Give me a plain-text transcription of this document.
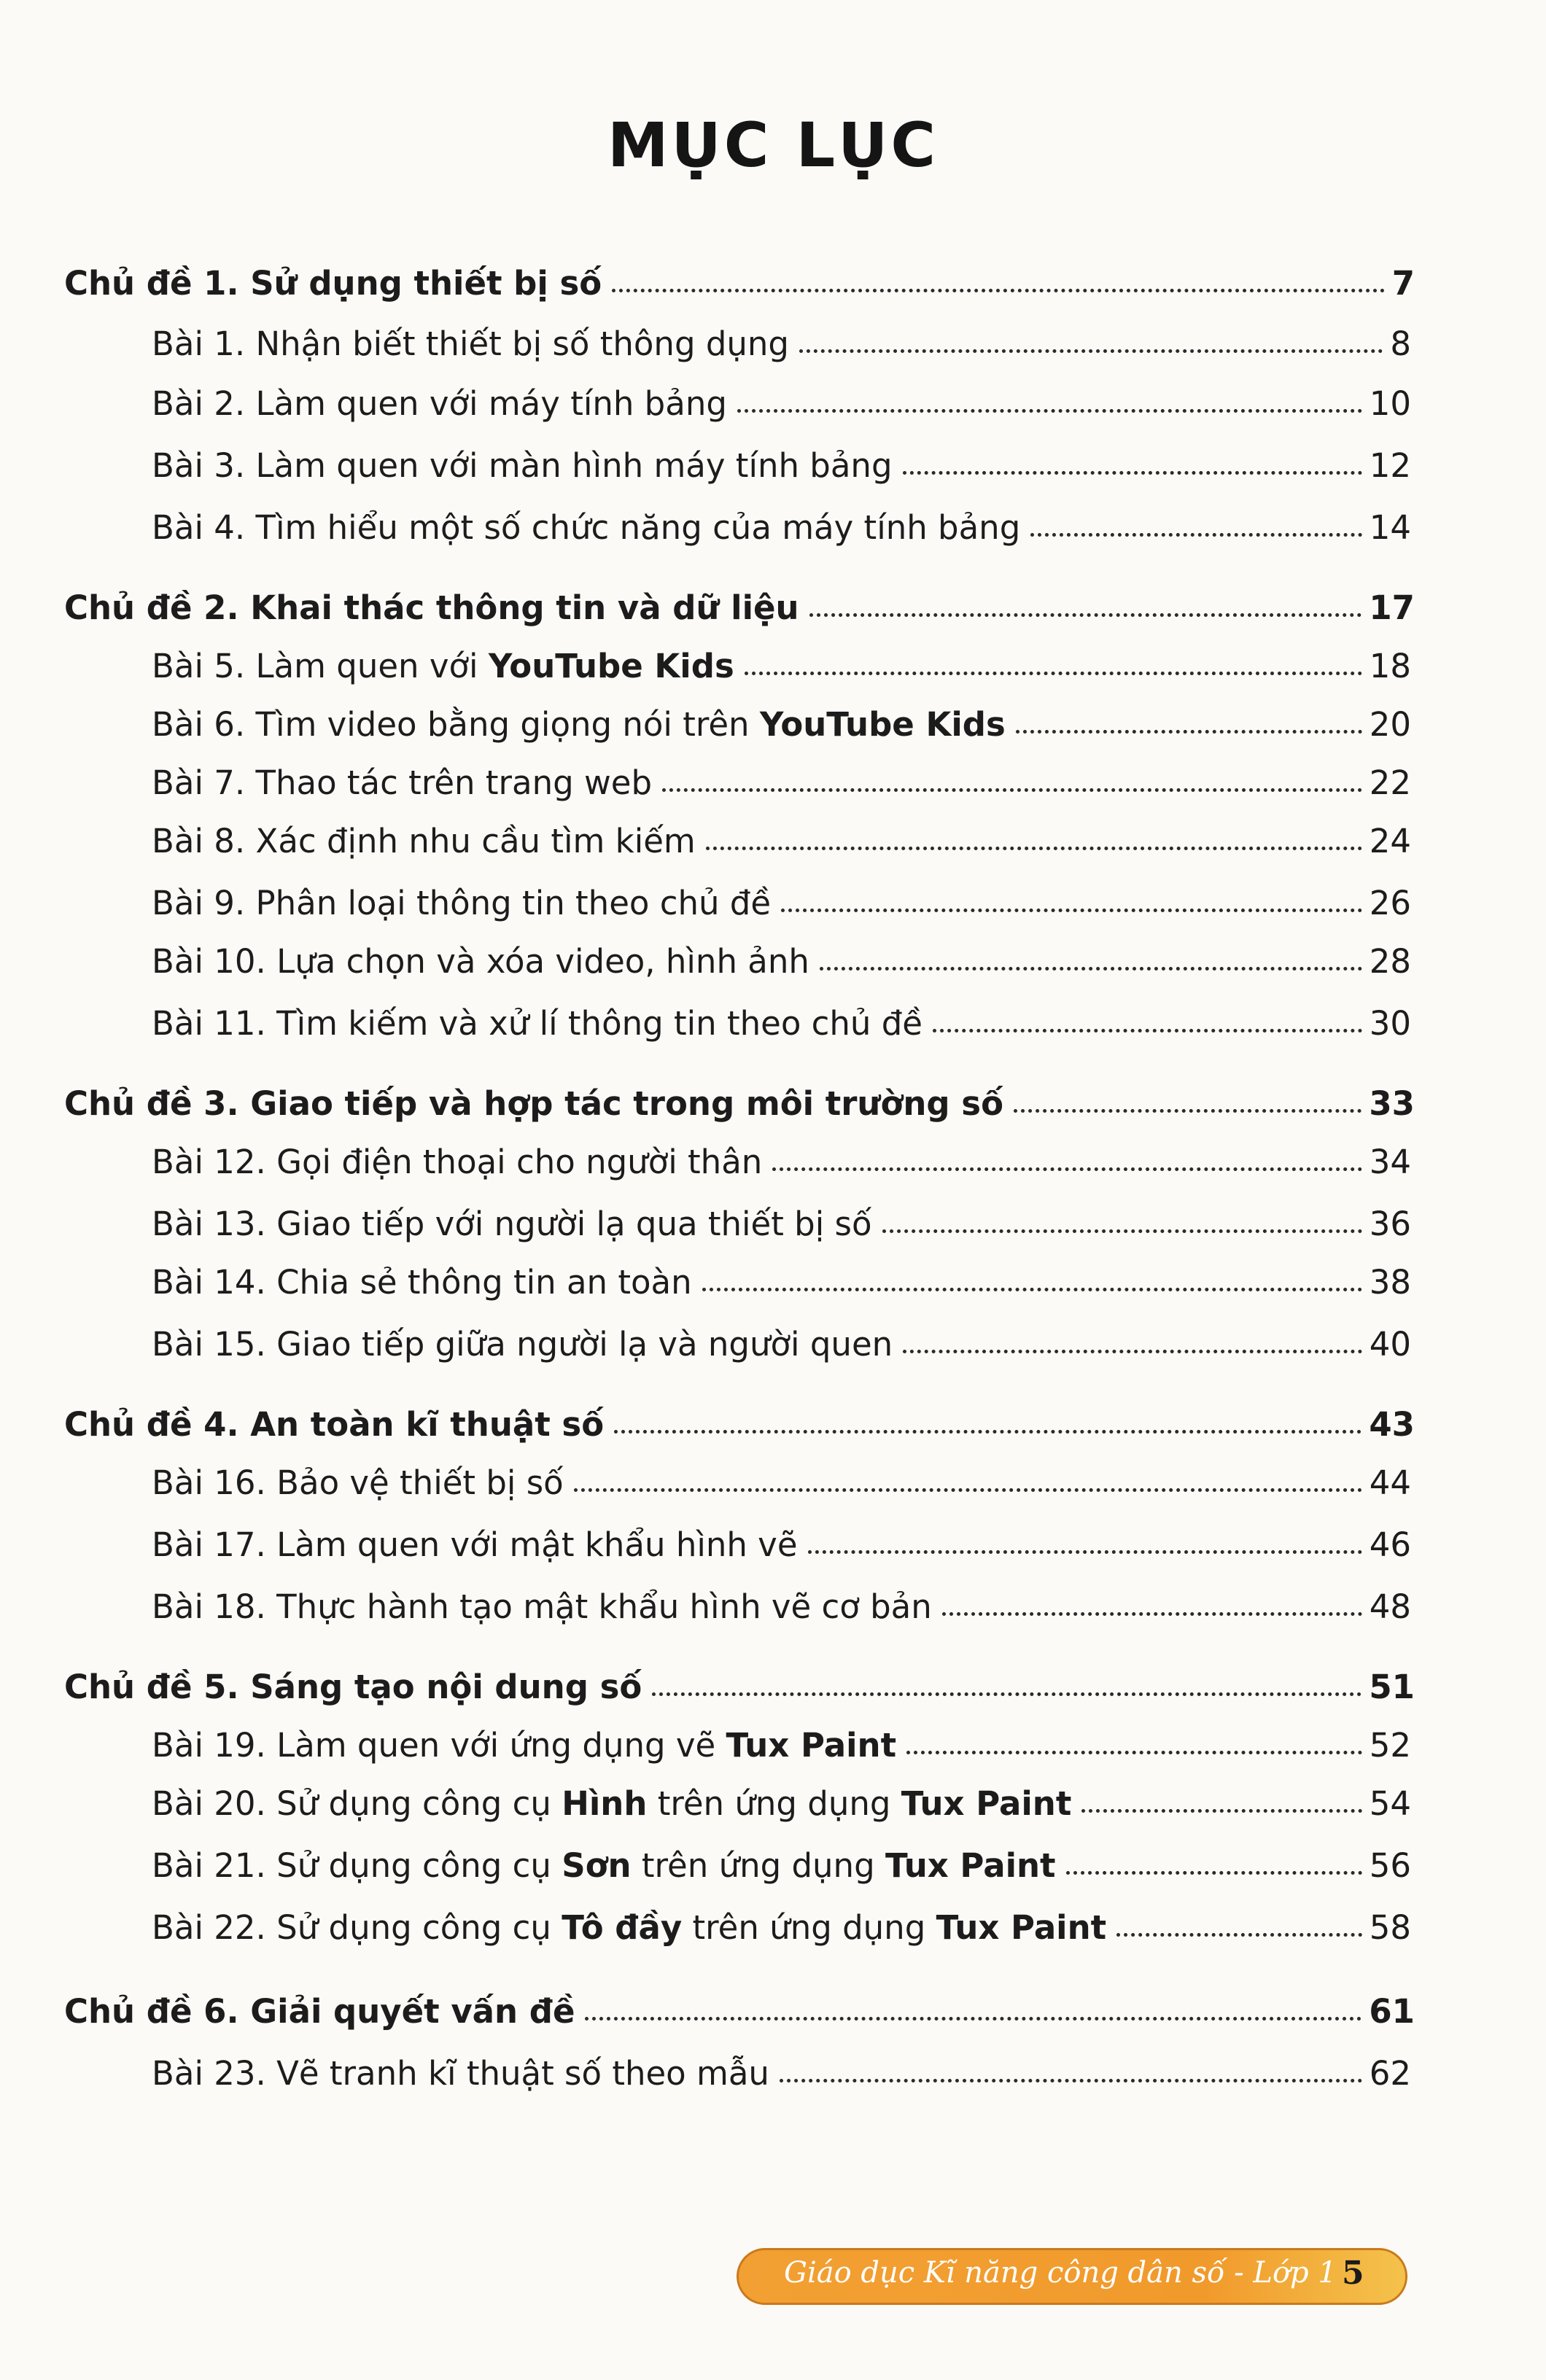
MỤC LỤC
Chủ đề 1. Sử dụng thiết bị số	7
Bài 1. Nhận biết thiết bị số thông dụng	8
Bài 2. Làm quen với máy tính bảng	10
Bài 3. Làm quen với màn hình máy tính bảng	12
Bài 4. Tìm hiểu một số chức năng của máy tính bảng	14
Chủ đề 2. Khai thác thông tin và dữ liệu	17
Bài 5. Làm quen với YouTube Kids	18
Bài 6. Tìm video bằng giọng nói trên YouTube Kids	20
Bài 7. Thao tác trên trang web	22
Bài 8. Xác định nhu cầu tìm kiếm	24
Bài 9. Phân loại thông tin theo chủ đề	26
Bài 10. Lựa chọn và xóa video, hình ảnh	28
Bài 11. Tìm kiếm và xử lí thông tin theo chủ đề	30
Chủ đề 3. Giao tiếp và hợp tác trong môi trường số	33
Bài 12. Gọi điện thoại cho người thân	34
Bài 13. Giao tiếp với người lạ qua thiết bị số	36
Bài 14. Chia sẻ thông tin an toàn	38
Bài 15. Giao tiếp giữa người lạ và người quen	40
Chủ đề 4. An toàn kĩ thuật số	43
Bài 16. Bảo vệ thiết bị số	44
Bài 17. Làm quen với mật khẩu hình vẽ	46
Bài 18. Thực hành tạo mật khẩu hình vẽ cơ bản	48
Chủ đề 5. Sáng tạo nội dung số	51
Bài 19. Làm quen với ứng dụng vẽ Tux Paint	52
Bài 20. Sử dụng công cụ Hình trên ứng dụng Tux Paint	54
Bài 21. Sử dụng công cụ Sơn trên ứng dụng Tux Paint	56
Bài 22. Sử dụng công cụ Tô đầy trên ứng dụng Tux Paint	58
Chủ đề 6. Giải quyết vấn đề	61
Bài 23. Vẽ tranh kĩ thuật số theo mẫu	62
Giáo dục Kĩ năng công dân số - Lớp 1 5
